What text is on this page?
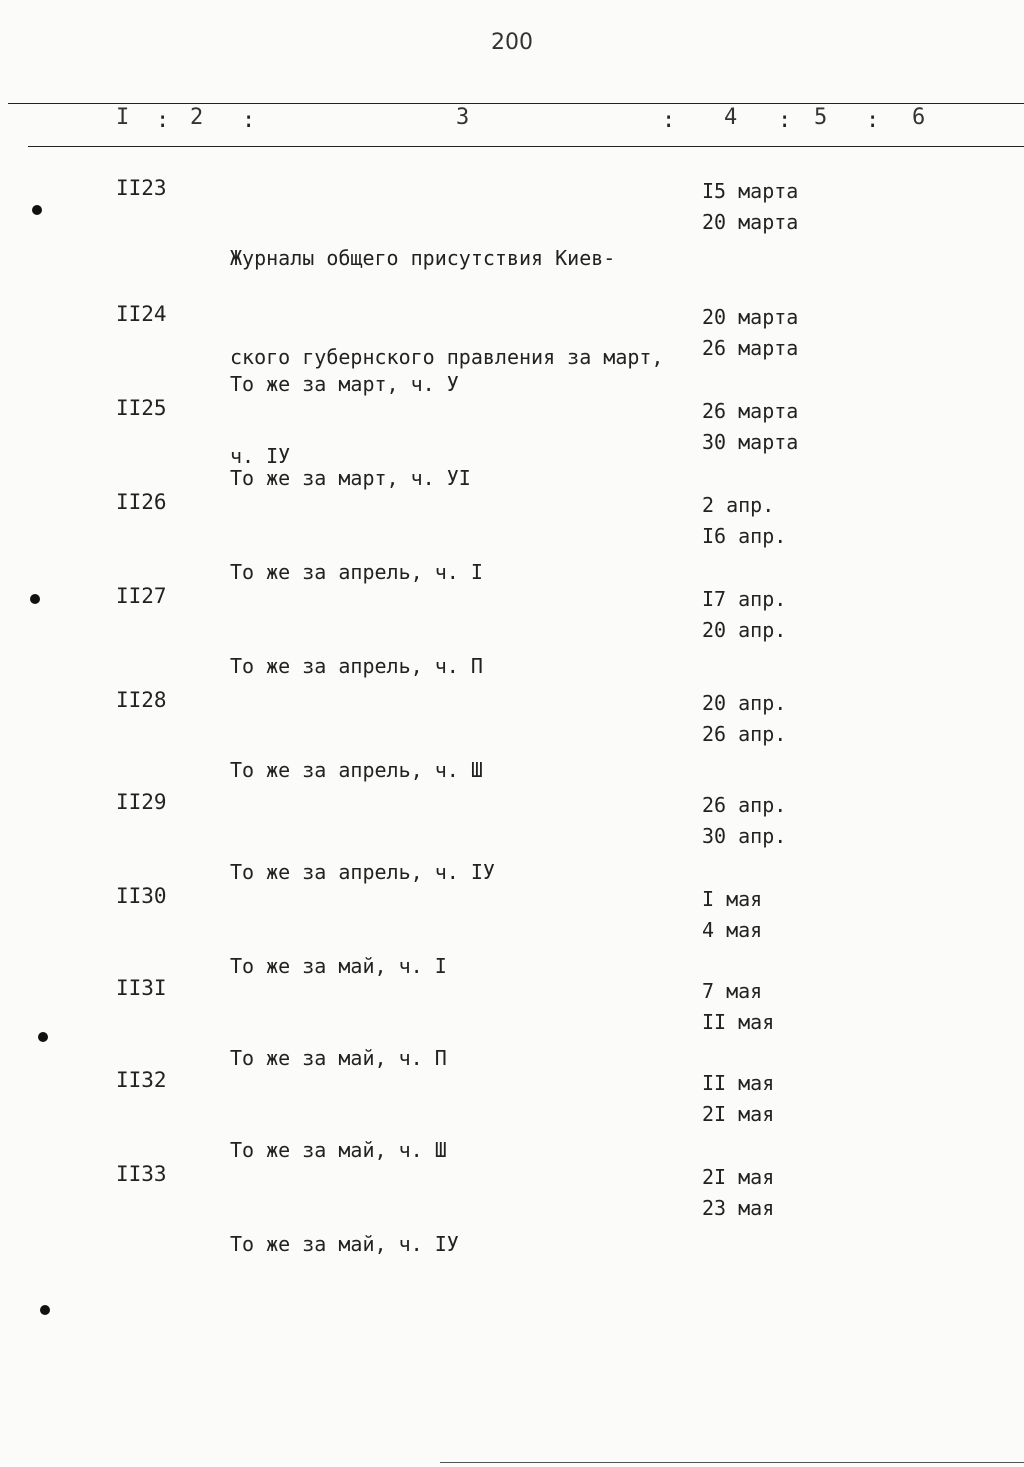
200
I : 2 :	3	: 4 : 5 : 6
II23

Журналы общего присутствия Киев-

ского губернского правления за март,

ч. IУ

I5 марта
20 марта
II24

То же за март, ч. У

20 марта
26 марта
II25

То же за март, ч. УI

26 марта
30 марта
II26

То же за апрель, ч. I

2 апр.
I6 апр.
II27

То же за апрель, ч. П

I7 апр.
20 апр.
II28

То же за апрель, ч. Ш

20 апр.
26 апр.
II29

То же за апрель, ч. IУ

26 апр.
30 апр.
II30

То же за май, ч. I

I мая
4 мая
II3I

То же за май, ч. П

7 мая
II мая
II32

То же за май, ч. Ш

II мая
2I мая
II33

То же за май, ч. IУ

2I мая
23 мая
